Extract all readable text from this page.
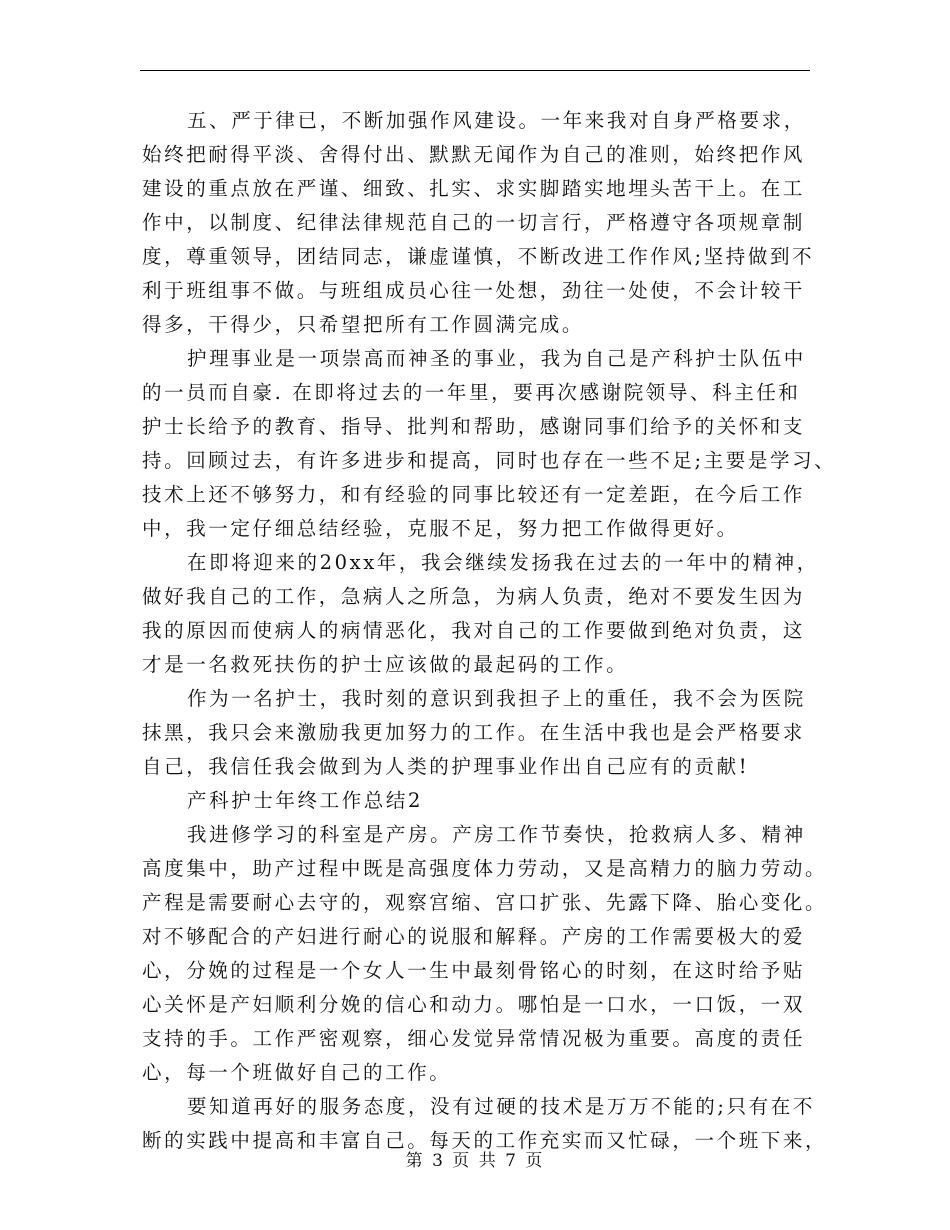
五、严于律已，不断加强作风建设。一年来我对自身严格要求，
始终把耐得平淡、舍得付出、默默无闻作为自己的准则，始终把作风
建设的重点放在严谨、细致、扎实、求实脚踏实地埋头苦干上。在工
作中，以制度、纪律法律规范自己的一切言行，严格遵守各项规章制
度，尊重领导，团结同志，谦虚谨慎，不断改进工作作风;坚持做到不
利于班组事不做。与班组成员心往一处想，劲往一处使，不会计较干
得多，干得少，只希望把所有工作圆满完成。
护理事业是一项崇高而神圣的事业，我为自己是产科护士队伍中
的一员而自豪. 在即将过去的一年里，要再次感谢院领导、科主任和
护士长给予的教育、指导、批判和帮助，感谢同事们给予的关怀和支
持。回顾过去，有许多进步和提高，同时也存在一些不足;主要是学习、
技术上还不够努力，和有经验的同事比较还有一定差距，在今后工作
中，我一定仔细总结经验，克服不足，努力把工作做得更好。
在即将迎来的20xx年，我会继续发扬我在过去的一年中的精神，
做好我自己的工作，急病人之所急，为病人负责，绝对不要发生因为
我的原因而使病人的病情恶化，我对自己的工作要做到绝对负责，这
才是一名救死扶伤的护士应该做的最起码的工作。
作为一名护士，我时刻的意识到我担子上的重任，我不会为医院
抹黑，我只会来激励我更加努力的工作。在生活中我也是会严格要求
自己，我信任我会做到为人类的护理事业作出自己应有的贡献!
产科护士年终工作总结2
我进修学习的科室是产房。产房工作节奏快，抢救病人多、精神
高度集中，助产过程中既是高强度体力劳动，又是高精力的脑力劳动。
产程是需要耐心去守的，观察宫缩、宫口扩张、先露下降、胎心变化。
对不够配合的产妇进行耐心的说服和解释。产房的工作需要极大的爱
心，分娩的过程是一个女人一生中最刻骨铭心的时刻，在这时给予贴
心关怀是产妇顺利分娩的信心和动力。哪怕是一口水，一口饭，一双
支持的手。工作严密观察，细心发觉异常情况极为重要。高度的责任
心，每一个班做好自己的工作。
要知道再好的服务态度，没有过硬的技术是万万不能的;只有在不
断的实践中提高和丰富自己。每天的工作充实而又忙碌，一个班下来，
第 3 页 共 7 页
